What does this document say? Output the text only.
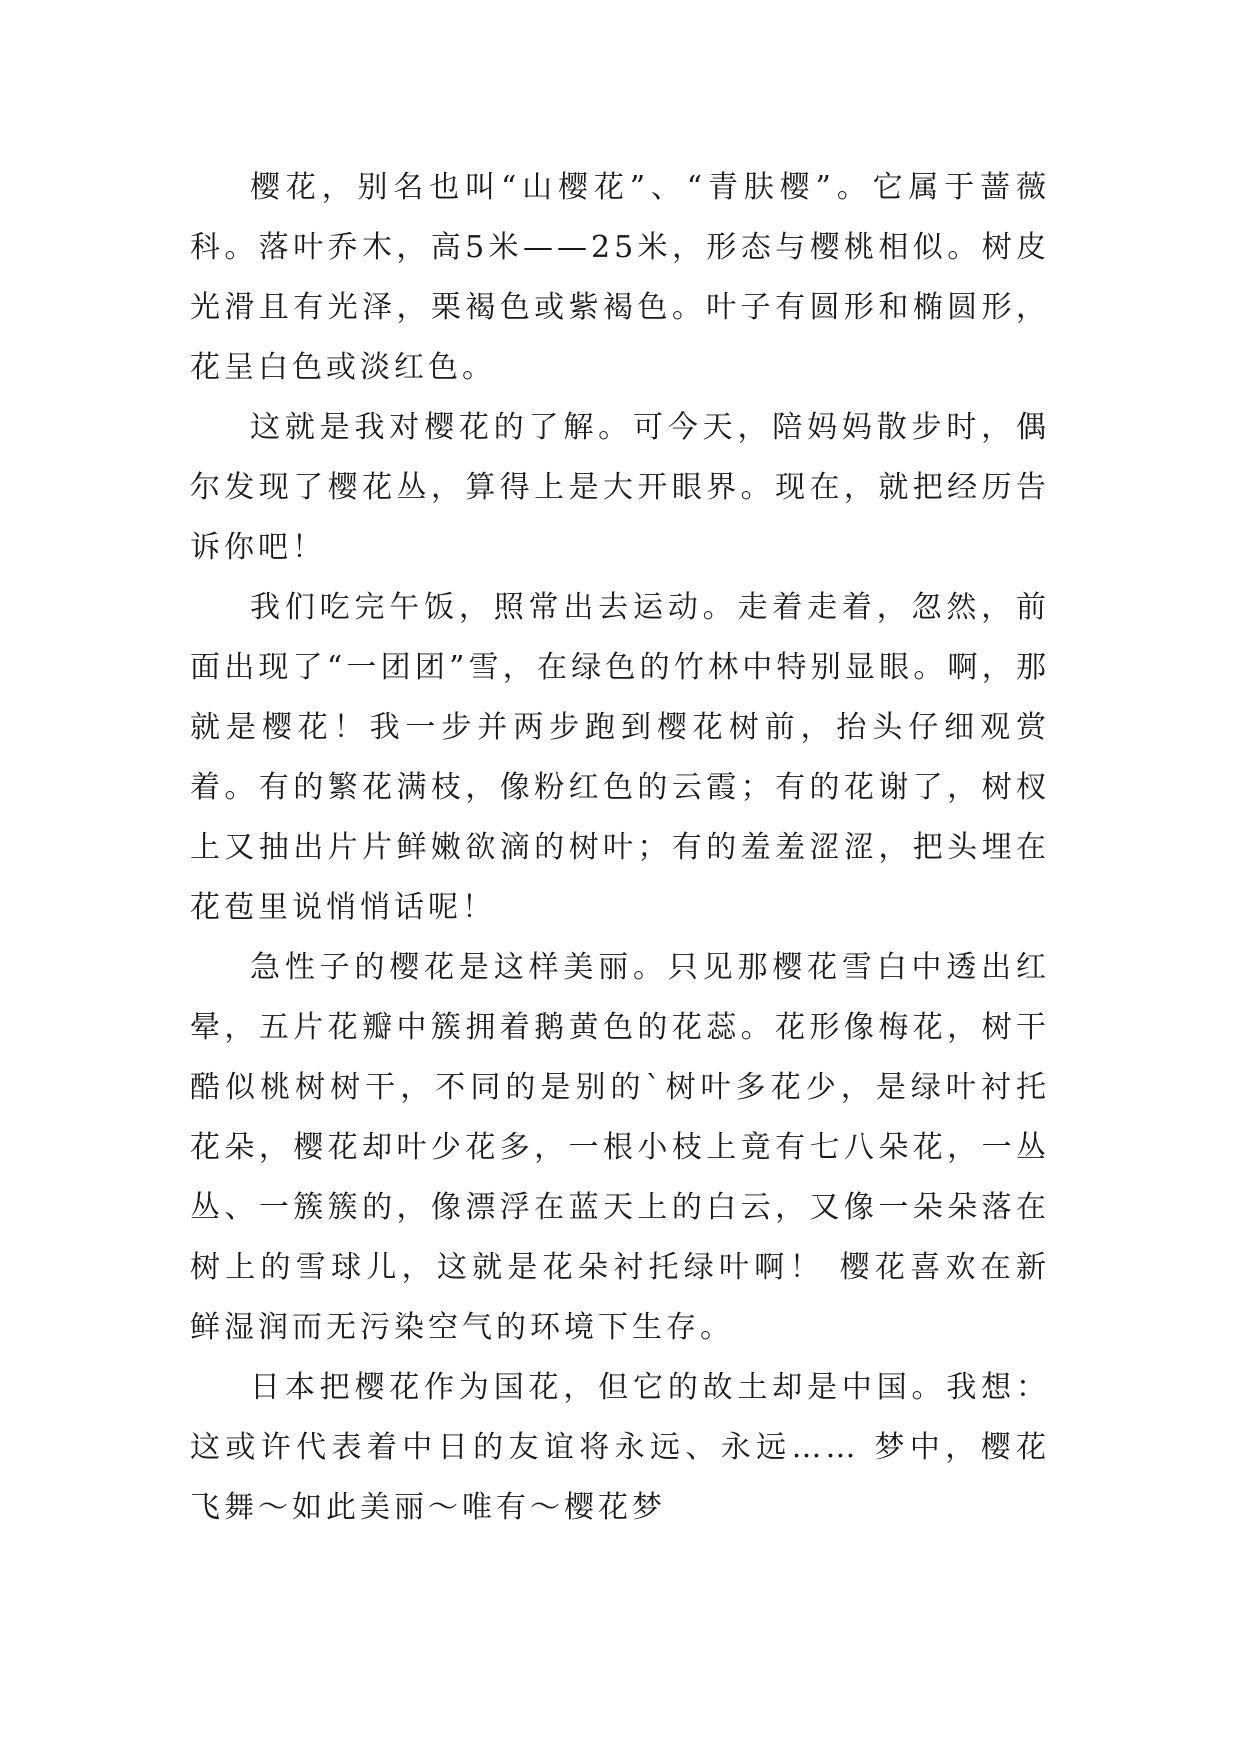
樱花，别名也叫“山樱花”、“青肤樱”。它属于蔷薇科。落叶乔木，高5米——25米，形态与樱桃相似。树皮光滑且有光泽，栗褐色或紫褐色。叶子有圆形和椭圆形，花呈白色或淡红色。

这就是我对樱花的了解。可今天，陪妈妈散步时，偶尔发现了樱花丛，算得上是大开眼界。现在，就把经历告诉你吧！

我们吃完午饭，照常出去运动。走着走着，忽然，前面出现了“一团团”雪，在绿色的竹林中特别显眼。啊，那就是樱花！我一步并两步跑到樱花树前，抬头仔细观赏着。有的繁花满枝，像粉红色的云霞；有的花谢了，树杈上又抽出片片鲜嫩欲滴的树叶；有的羞羞涩涩，把头埋在花苞里说悄悄话呢！

急性子的樱花是这样美丽。只见那樱花雪白中透出红晕，五片花瓣中簇拥着鹅黄色的花蕊。花形像梅花，树干酷似桃树树干，不同的是别的`树叶多花少，是绿叶衬托花朵，樱花却叶少花多，一根小枝上竟有七八朵花，一丛丛、一簇簇的，像漂浮在蓝天上的白云，又像一朵朵落在树上的雪球儿，这就是花朵衬托绿叶啊！ 樱花喜欢在新鲜湿润而无污染空气的环境下生存。

日本把樱花作为国花，但它的故土却是中国。我想：这或许代表着中日的友谊将永远、永远…… 梦中，樱花飞舞～如此美丽～唯有～樱花梦
